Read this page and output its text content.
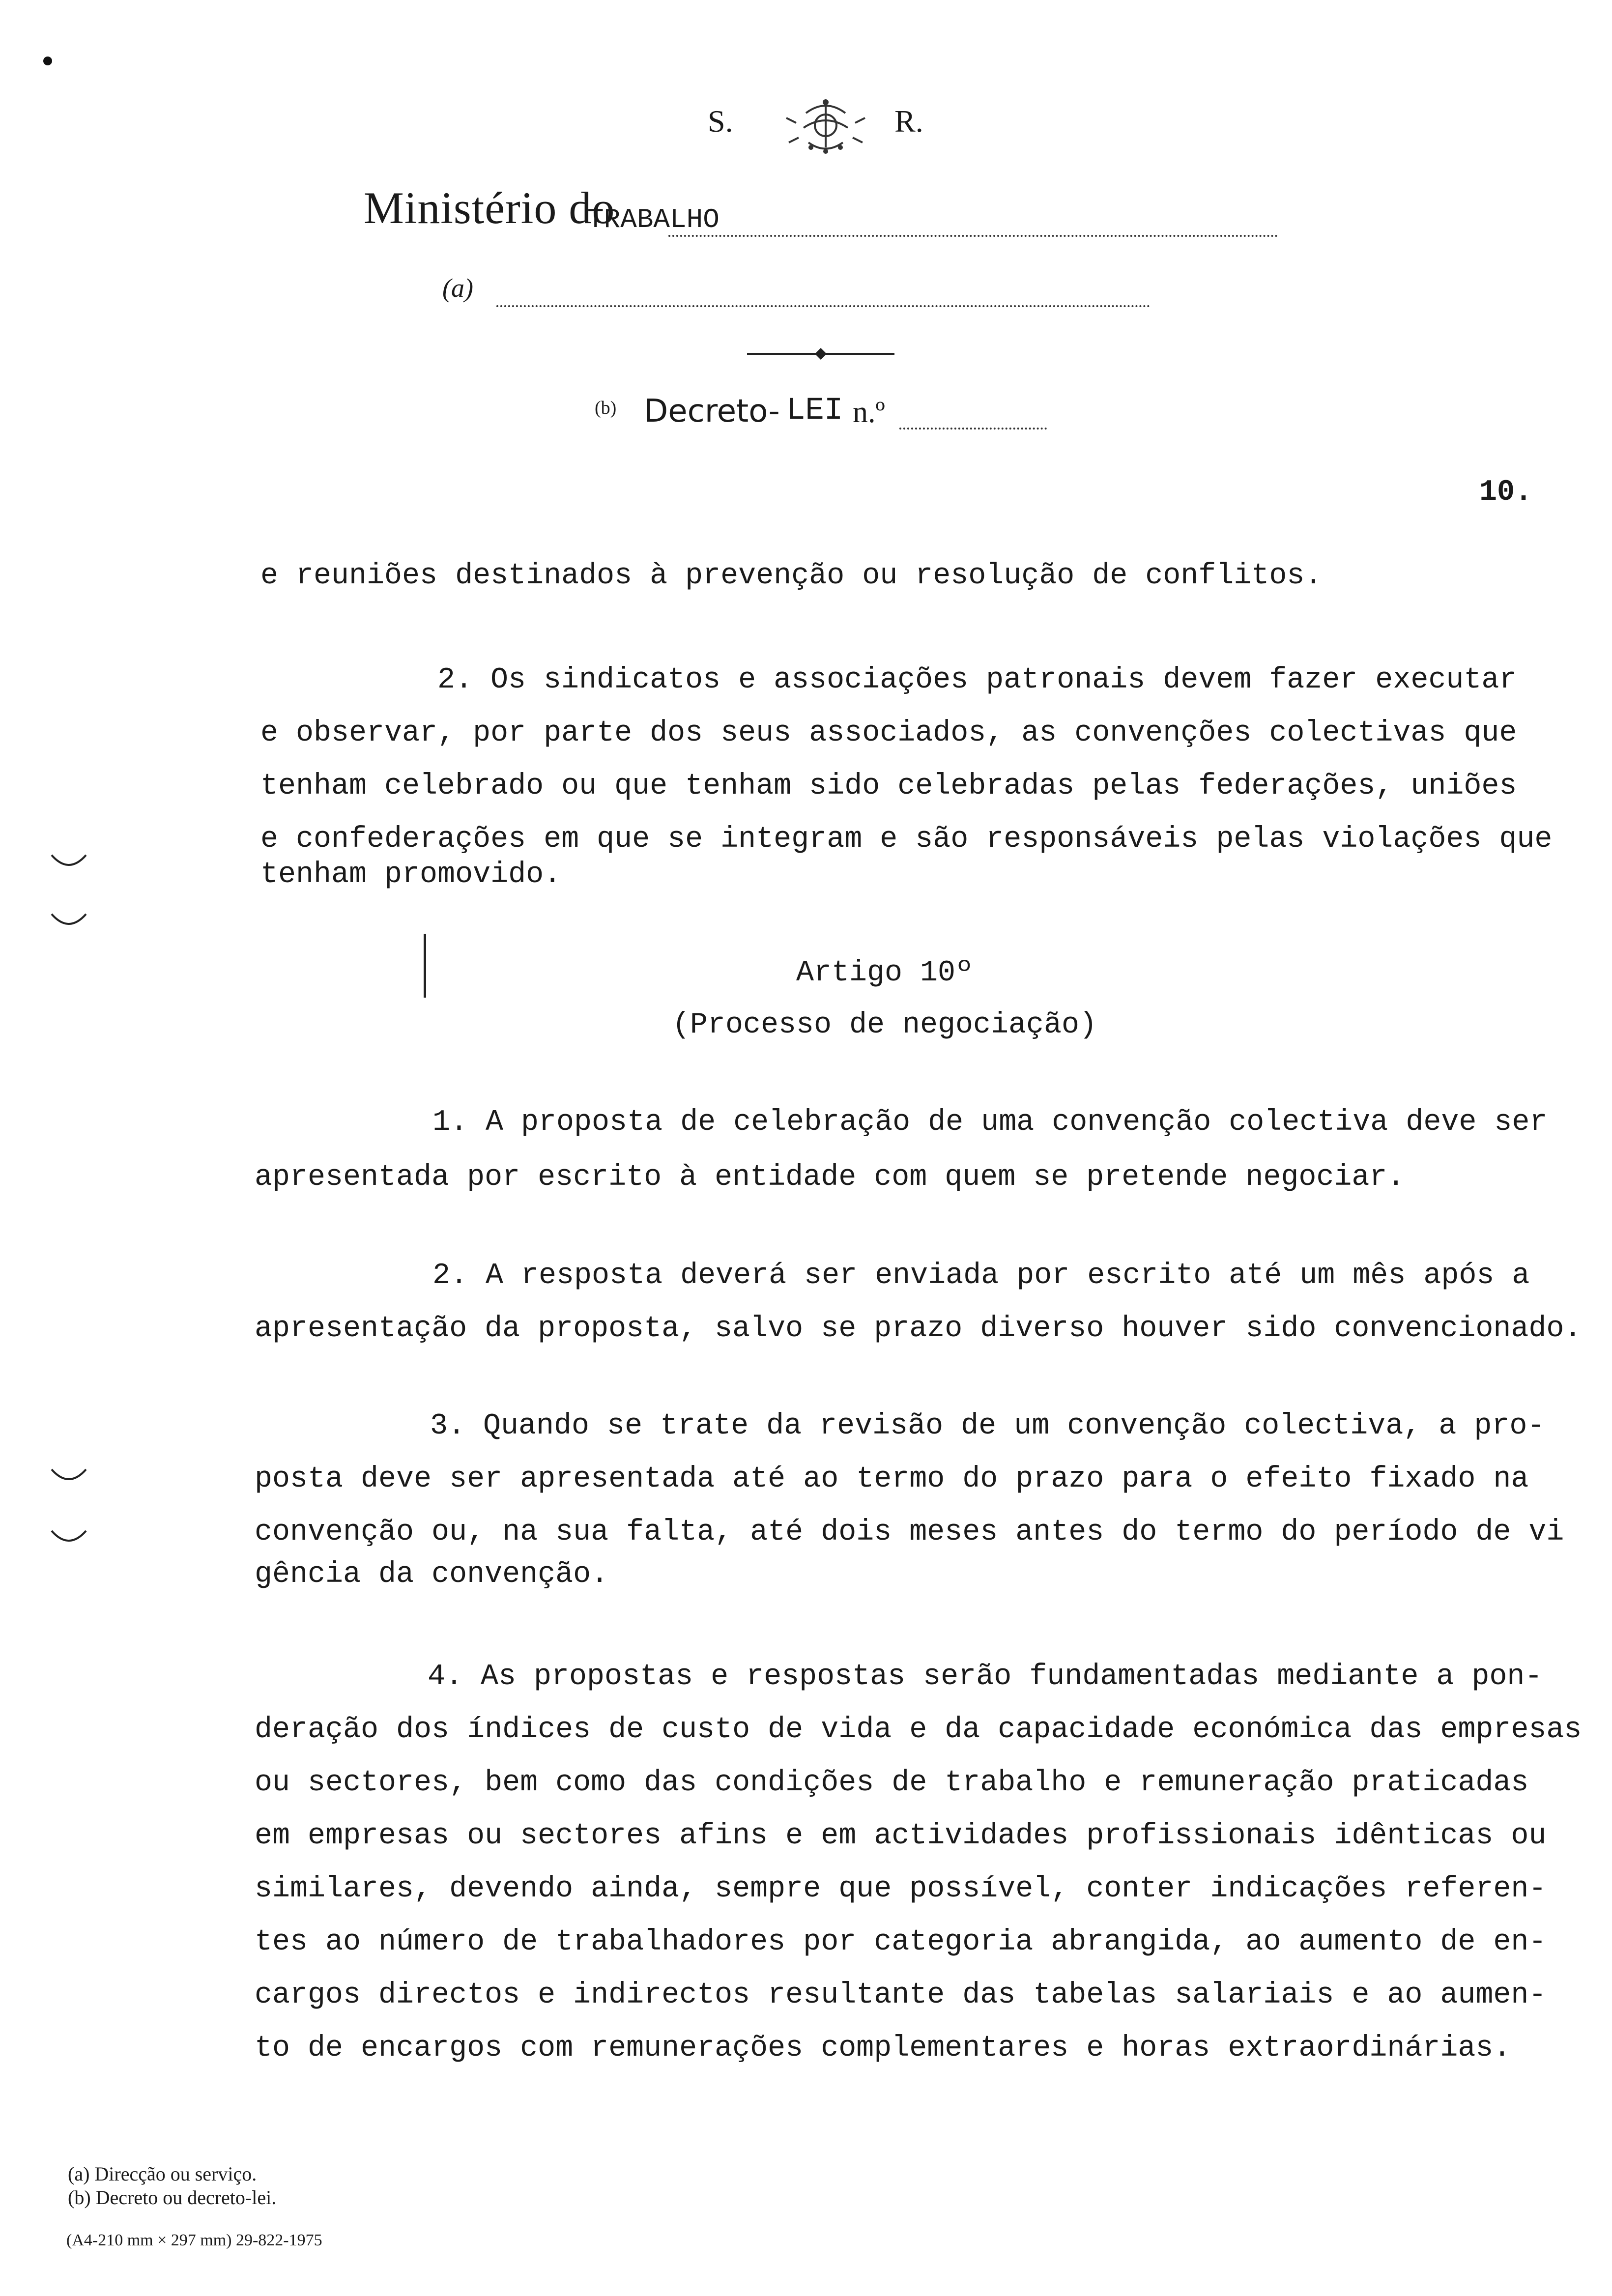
S.	R.
Ministério do
TRABALHO
(a)
(b) Decreto- LEI n.º
10.
e reuniões destinados à prevenção ou resolução de conflitos.
2. Os sindicatos e associações patronais devem fazer executar
e observar, por parte dos seus associados, as convenções colectivas que
tenham celebrado ou que tenham sido celebradas pelas federações, uniões
e confederações em que se integram e são responsáveis pelas violações que
tenham promovido.
Artigo 10º
(Processo de negociação)
1. A proposta de celebração de uma convenção colectiva deve ser
apresentada por escrito à entidade com quem se pretende negociar.
2. A resposta deverá ser enviada por escrito até um mês após a
apresentação da proposta, salvo se prazo diverso houver sido convencionado.
3. Quando se trate da revisão de um convenção colectiva, a pro-
posta deve ser apresentada até ao termo do prazo para o efeito fixado na
convenção ou, na sua falta, até dois meses antes do termo do período de vi
gência da convenção.
4. As propostas e respostas serão fundamentadas mediante a pon-
deração dos índices de custo de vida e da capacidade económica das empresas
ou sectores, bem como das condições de trabalho e remuneração praticadas
em empresas ou sectores afins e em actividades profissionais idênticas ou
similares, devendo ainda, sempre que possível, conter indicações referen-
tes ao número de trabalhadores por categoria abrangida, ao aumento de en-
cargos directos e indirectos resultante das tabelas salariais e ao aumen-
to de encargos com remunerações complementares e horas extraordinárias.
(a) Direcção ou serviço.
(b) Decreto ou decreto-lei.
(A4-210 mm × 297 mm) 29-822-1975
